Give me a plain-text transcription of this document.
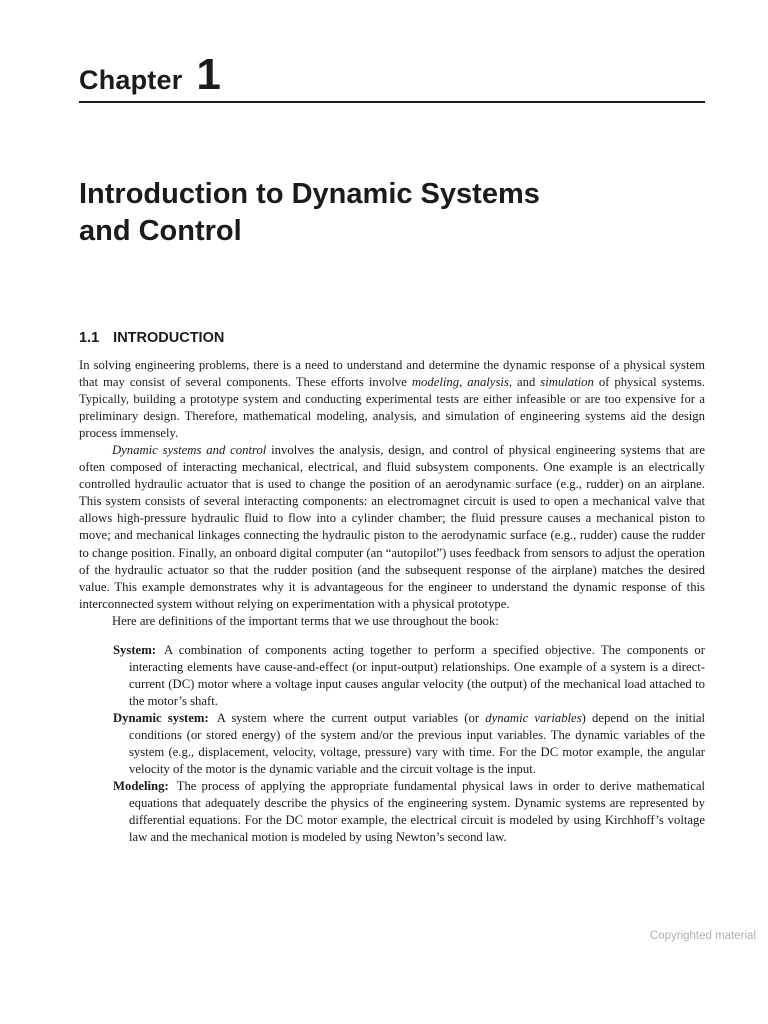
Chapter 1
Introduction to Dynamic Systems
and Control
1.1 INTRODUCTION

In solving engineering problems, there is a need to understand and determine the dynamic response of a physical system that may consist of several components. These efforts involve modeling, analysis, and simulation of physical systems. Typically, building a prototype system and conducting experimental tests are either infeasible or are too expensive for a preliminary design. Therefore, mathematical modeling, analysis, and simulation of engineering systems aid the design process immensely.

Dynamic systems and control involves the analysis, design, and control of physical engineering systems that are often composed of interacting mechanical, electrical, and fluid subsystem components. One example is an electrically controlled hydraulic actuator that is used to change the position of an aerodynamic surface (e.g., rudder) on an airplane. This system consists of several interacting components: an electromagnet circuit is used to open a mechanical valve that allows high-pressure hydraulic fluid to flow into a cylinder chamber; the fluid pressure causes a mechanical piston to move; and mechanical linkages connecting the hydraulic piston to the aerodynamic surface (e.g., rudder) cause the rudder to change position. Finally, an onboard digital computer (an “autopilot”) uses feedback from sensors to adjust the operation of the hydraulic actuator so that the rudder position (and the subsequent response of the airplane) matches the desired value. This example demonstrates why it is advantageous for the engineer to understand the dynamic response of this interconnected system without relying on experimentation with a physical prototype.

Here are definitions of the important terms that we use throughout the book:

System: A combination of components acting together to perform a specified objective. The components or interacting elements have cause-and-effect (or input-output) relationships. One example of a system is a direct-current (DC) motor where a voltage input causes angular velocity (the output) of the mechanical load attached to the motor’s shaft.

Dynamic system: A system where the current output variables (or dynamic variables) depend on the initial conditions (or stored energy) of the system and/or the previous input variables. The dynamic variables of the system (e.g., displacement, velocity, voltage, pressure) vary with time. For the DC motor example, the angular velocity of the motor is the dynamic variable and the circuit voltage is the input.

Modeling: The process of applying the appropriate fundamental physical laws in order to derive mathematical equations that adequately describe the physics of the engineering system. Dynamic systems are represented by differential equations. For the DC motor example, the electrical circuit is modeled by using Kirchhoff’s voltage law and the mechanical motion is modeled by using Newton’s second law.

Copyrighted material
